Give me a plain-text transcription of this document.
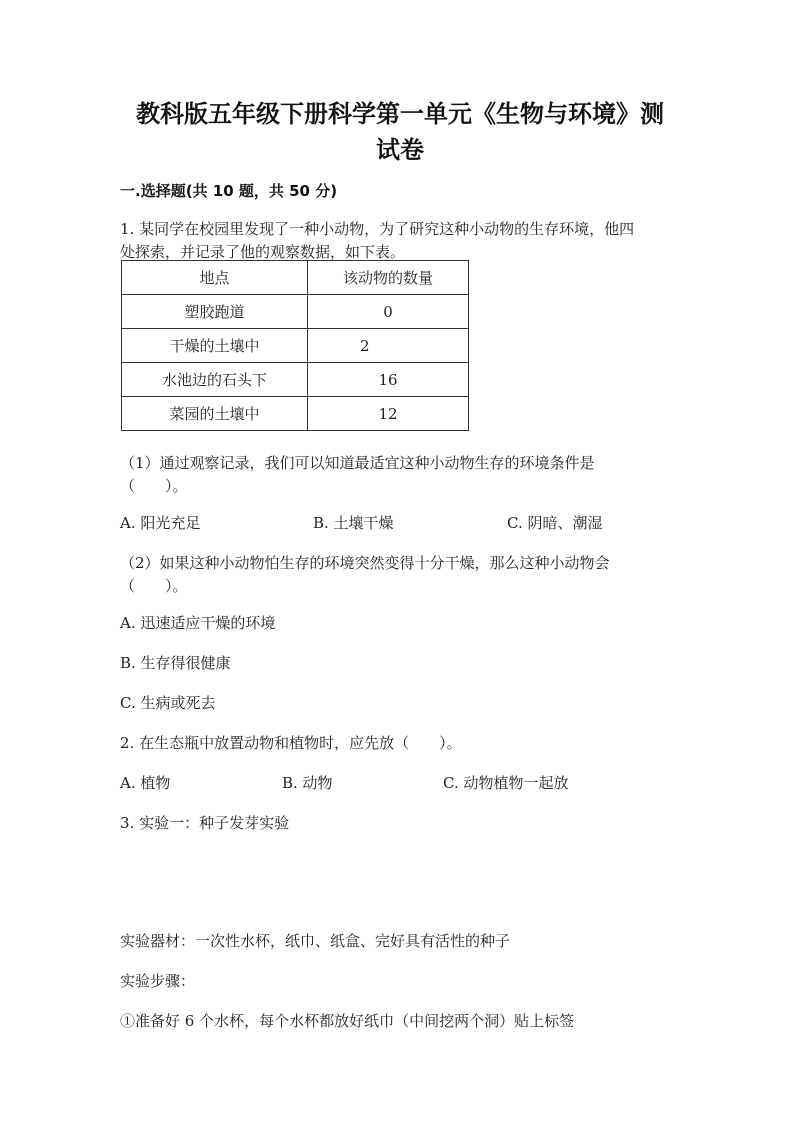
教科版五年级下册科学第一单元《生物与环境》测
试卷
一.选择题(共 10 题，共 50 分)
1. 某同学在校园里发现了一种小动物，为了研究这种小动物的生存环境，他四
处探索，并记录了他的观察数据，如下表。
地点	该动物的数量
塑胶跑道	0
干燥的土壤中	2
水池边的石头下	16
菜园的土壤中	12
（1）通过观察记录，我们可以知道最适宜这种小动物生存的环境条件是
（　　）。
A. 阳光充足	B. 土壤干燥	C. 阴暗、潮湿
（2）如果这种小动物怕生存的环境突然变得十分干燥，那么这种小动物会
（　　）。
A. 迅速适应干燥的环境
B. 生存得很健康
C. 生病或死去
2. 在生态瓶中放置动物和植物时，应先放（　　）。
A. 植物	B. 动物	C. 动物植物一起放
3. 实验一：种子发芽实验
实验器材：一次性水杯，纸巾、纸盒、完好具有活性的种子
实验步骤：
①准备好 6 个水杯，每个水杯都放好纸巾（中间挖两个洞）贴上标签
